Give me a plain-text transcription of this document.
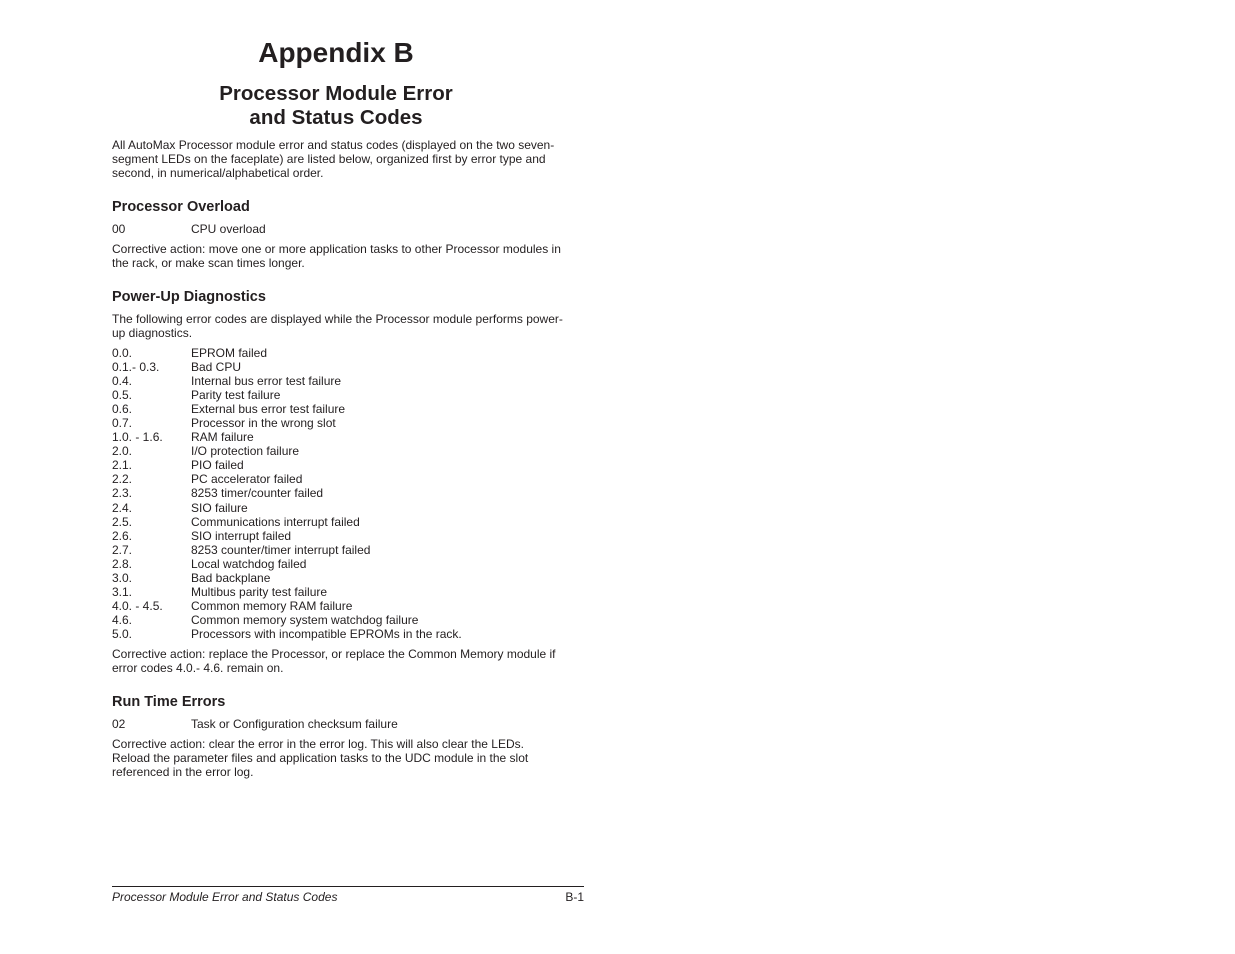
Appendix B
Processor Module Error
and Status Codes

All AutoMax Processor module error and status codes (displayed on the two seven-segment LEDs on the faceplate) are listed below, organized first by error type and second, in numerical/alphabetical order.

Processor Overload
00	CPU overload

Corrective action: move one or more application tasks to other Processor modules in the rack, or make scan times longer.

Power-Up Diagnostics

The following error codes are displayed while the Processor module performs power-up diagnostics.

0.0.	EPROM failed
0.1.- 0.3.	Bad CPU
0.4.	Internal bus error test failure
0.5.	Parity test failure
0.6.	External bus error test failure
0.7.	Processor in the wrong slot
1.0. - 1.6.	RAM failure
2.0.	I/O protection failure
2.1.	PIO failed
2.2.	PC accelerator failed
2.3.	8253 timer/counter failed
2.4.	SIO failure
2.5.	Communications interrupt failed
2.6.	SIO interrupt failed
2.7.	8253 counter/timer interrupt failed
2.8.	Local watchdog failed
3.0.	Bad backplane
3.1.	Multibus parity test failure
4.0. - 4.5.	Common memory RAM failure
4.6.	Common memory system watchdog failure
5.0.	Processors with incompatible EPROMs in the rack.

Corrective action: replace the Processor, or replace the Common Memory module if error codes 4.0.- 4.6. remain on.

Run Time Errors
02	Task or Configuration checksum failure

Corrective action: clear the error in the error log. This will also clear the LEDs. Reload the parameter files and application tasks to the UDC module in the slot referenced in the error log.

Processor Module Error and Status Codes	B-1
